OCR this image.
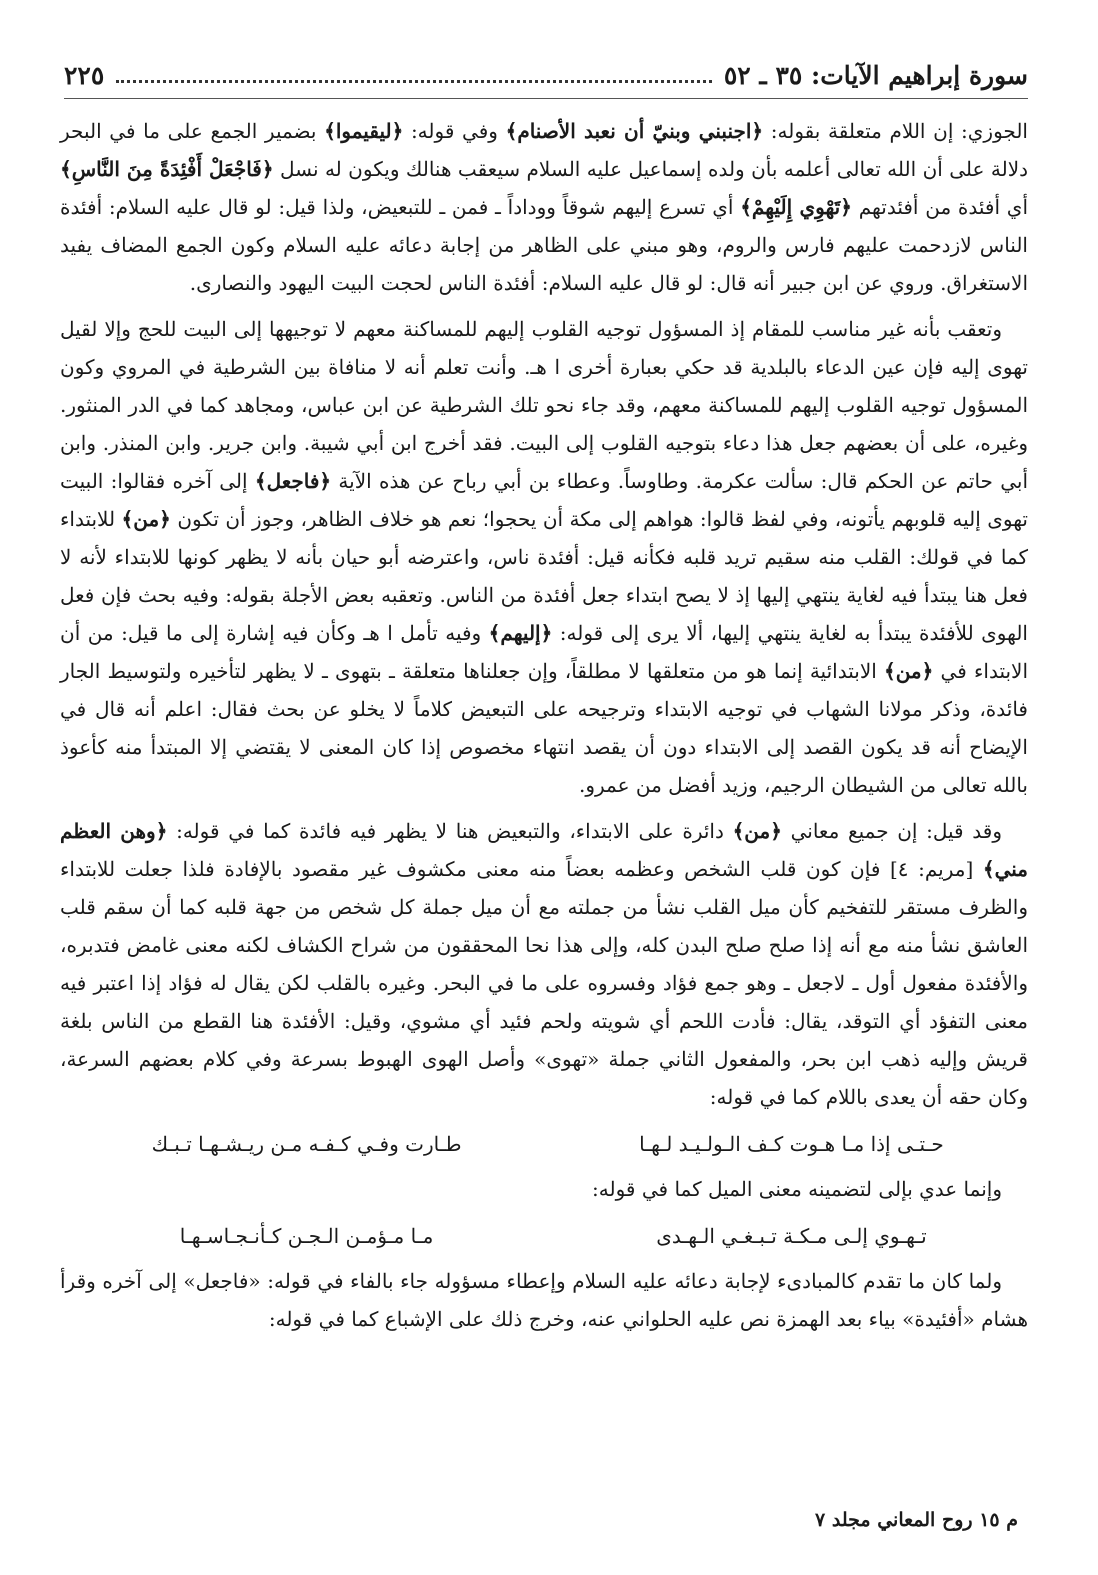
سورة إبراهيم الآيات: ٣٥ ـ ٥٢
٢٢٥

الجوزي: إن اللام متعلقة بقوله: ﴿اجنبني وبنيّ أن نعبد الأصنام﴾ وفي قوله: ﴿ليقيموا﴾ بضمير الجمع على ما في البحر دلالة على أن الله تعالى أعلمه بأن ولده إسماعيل عليه السلام سيعقب هنالك ويكون له نسل ﴿فَاجْعَلْ أَفْئِدَةً مِنَ النَّاسِ﴾ أي أفئدة من أفئدتهم ﴿تَهْوِي إِلَيْهِمْ﴾ أي تسرع إليهم شوقاً ووداداً ـ فمن ـ للتبعيض، ولذا قيل: لو قال عليه السلام: أفئدة الناس لازدحمت عليهم فارس والروم، وهو مبني على الظاهر من إجابة دعائه عليه السلام وكون الجمع المضاف يفيد الاستغراق. وروي عن ابن جبير أنه قال: لو قال عليه السلام: أفئدة الناس لحجت البيت اليهود والنصارى.

وتعقب بأنه غير مناسب للمقام إذ المسؤول توجيه القلوب إليهم للمساكنة معهم لا توجيهها إلى البيت للحج وإلا لقيل تهوى إليه فإن عين الدعاء بالبلدية قد حكي بعبارة أخرى ا هـ. وأنت تعلم أنه لا منافاة بين الشرطية في المروي وكون المسؤول توجيه القلوب إليهم للمساكنة معهم، وقد جاء نحو تلك الشرطية عن ابن عباس، ومجاهد كما في الدر المنثور. وغيره، على أن بعضهم جعل هذا دعاء بتوجيه القلوب إلى البيت. فقد أخرج ابن أبي شيبة. وابن جرير. وابن المنذر. وابن أبي حاتم عن الحكم قال: سألت عكرمة. وطاوساً. وعطاء بن أبي رباح عن هذه الآية ﴿فاجعل﴾ إلى آخره فقالوا: البيت تهوى إليه قلوبهم يأتونه، وفي لفظ قالوا: هواهم إلى مكة أن يحجوا؛ نعم هو خلاف الظاهر، وجوز أن تكون ﴿من﴾ للابتداء كما في قولك: القلب منه سقيم تريد قلبه فكأنه قيل: أفئدة ناس، واعترضه أبو حيان بأنه لا يظهر كونها للابتداء لأنه لا فعل هنا يبتدأ فيه لغاية ينتهي إليها إذ لا يصح ابتداء جعل أفئدة من الناس. وتعقبه بعض الأجلة بقوله: وفيه بحث فإن فعل الهوى للأفئدة يبتدأ به لغاية ينتهي إليها، ألا يرى إلى قوله: ﴿إليهم﴾ وفيه تأمل ا هـ وكأن فيه إشارة إلى ما قيل: من أن الابتداء في ﴿من﴾ الابتدائية إنما هو من متعلقها لا مطلقاً، وإن جعلناها متعلقة ـ بتهوى ـ لا يظهر لتأخيره ولتوسيط الجار فائدة، وذكر مولانا الشهاب في توجيه الابتداء وترجيحه على التبعيض كلاماً لا يخلو عن بحث فقال: اعلم أنه قال في الإيضاح أنه قد يكون القصد إلى الابتداء دون أن يقصد انتهاء مخصوص إذا كان المعنى لا يقتضي إلا المبتدأ منه كأعوذ بالله تعالى من الشيطان الرجيم، وزيد أفضل من عمرو.

وقد قيل: إن جميع معاني ﴿من﴾ دائرة على الابتداء، والتبعيض هنا لا يظهر فيه فائدة كما في قوله: ﴿وهن العظم مني﴾ [مريم: ٤] فإن كون قلب الشخص وعظمه بعضاً منه معنى مكشوف غير مقصود بالإفادة فلذا جعلت للابتداء والظرف مستقر للتفخيم كأن ميل القلب نشأ من جملته مع أن ميل جملة كل شخص من جهة قلبه كما أن سقم قلب العاشق نشأ منه مع أنه إذا صلح صلح البدن كله، وإلى هذا نحا المحققون من شراح الكشاف لكنه معنى غامض فتدبره، والأفئدة مفعول أول ـ لاجعل ـ وهو جمع فؤاد وفسروه على ما في البحر. وغيره بالقلب لكن يقال له فؤاد إذا اعتبر فيه معنى التفؤد أي التوقد، يقال: فأدت اللحم أي شويته ولحم فئيد أي مشوي، وقيل: الأفئدة هنا القطع من الناس بلغة قريش وإليه ذهب ابن بحر، والمفعول الثاني جملة «تهوى» وأصل الهوى الهبوط بسرعة وفي كلام بعضهم السرعة، وكان حقه أن يعدى باللام كما في قوله:

حـتـى إذا مـا هـوت كـف الـولـيـد لـهـا
طـارت وفـي كـفـه مـن ريـشـهـا تـبـك

وإنما عدي بإلى لتضمينه معنى الميل كما في قوله:

تـهـوي إلـى مـكـة تـبـغـي الـهـدى
مـا مـؤمـن الـجـن كـأنـجـاسـهـا

ولما كان ما تقدم كالمبادىء لإجابة دعائه عليه السلام وإعطاء مسؤوله جاء بالفاء في قوله: «فاجعل» إلى آخره وقرأ هشام «أفئيدة» بياء بعد الهمزة نص عليه الحلواني عنه، وخرج ذلك على الإشباع كما في قوله:

م ١٥ روح المعاني مجلد ٧
